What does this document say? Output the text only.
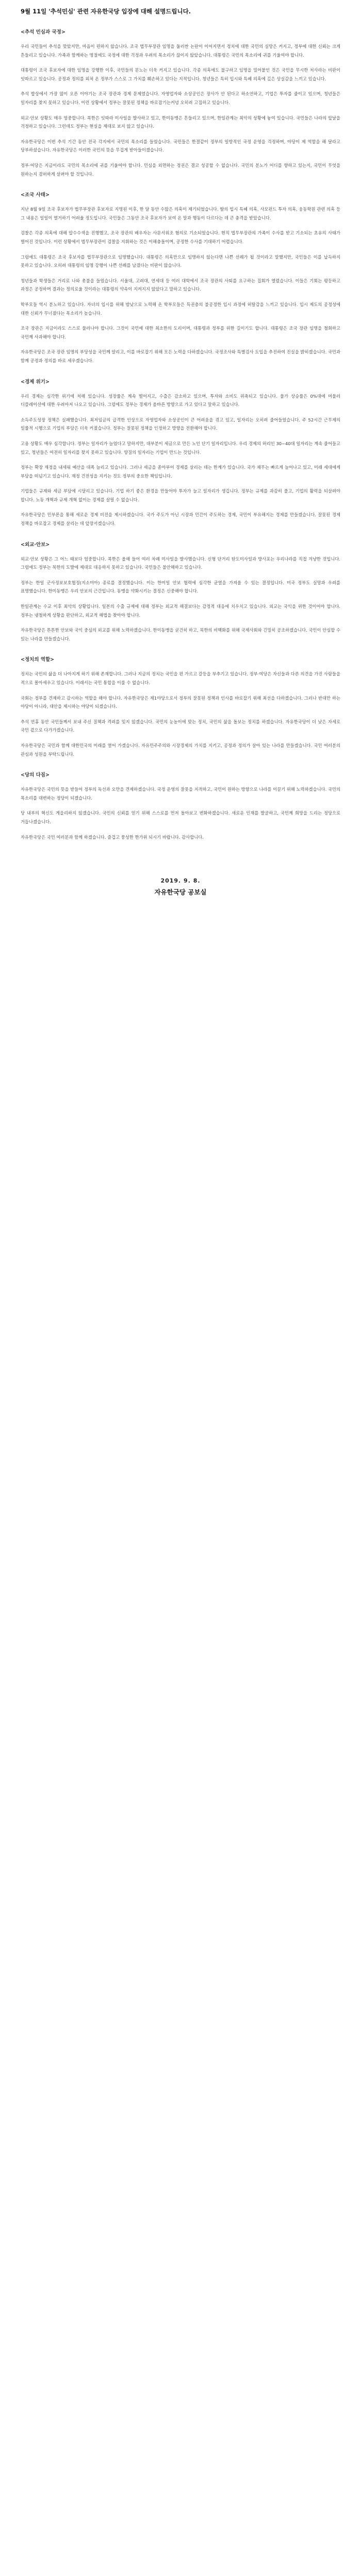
9월 11일 '추석민심' 관련 자유한국당 입장에 대해 설명드립니다.
<추석 민심과 국정>

우리 국민들이 추석을 맞았지만, 마음이 편하지 않습니다. 조국 법무부장관 임명을 둘러싼 논란이 이어지면서 정치에 대한 국민의 실망은 커지고, 정부에 대한 신뢰는 크게 흔들리고 있습니다. 가족과 함께하는 명절에도 국정에 대한 걱정과 우려의 목소리가 끊이지 않았습니다. 대통령은 국민의 목소리에 귀를 기울여야 합니다.

대통령이 조국 후보자에 대한 임명을 강행한 이후, 국민들의 분노는 더욱 커지고 있습니다. 각종 의혹에도 불구하고 임명을 밀어붙인 것은 국민을 무시한 처사라는 비판이 잇따르고 있습니다. 공정과 정의를 외쳐 온 정부가 스스로 그 가치를 훼손하고 있다는 지적입니다. 청년들은 특히 입시와 특혜 의혹에 깊은 상실감을 느끼고 있습니다.

추석 밥상에서 가장 많이 오른 이야기는 조국 장관과 경제 문제였습니다. 자영업자와 소상공인은 장사가 안 된다고 하소연하고, 기업은 투자를 줄이고 있으며, 청년들은 일자리를 찾지 못하고 있습니다. 이런 상황에서 정부는 잘못된 정책을 바로잡기는커녕 오히려 고집하고 있습니다.

외교·안보 상황도 매우 엄중합니다. 북한은 잇따라 미사일을 발사하고 있고, 한미동맹은 흔들리고 있으며, 한일관계는 최악의 상황에 놓여 있습니다. 국민들은 나라의 앞날을 걱정하고 있습니다. 그런데도 정부는 현실을 제대로 보지 않고 있습니다.

자유한국당은 이번 추석 기간 동안 전국 각지에서 국민의 목소리를 들었습니다. 국민들은 한결같이 정부의 일방적인 국정 운영을 걱정하며, 야당이 제 역할을 해 달라고 당부하셨습니다. 자유한국당은 이러한 국민의 뜻을 무겁게 받아들이겠습니다.

정부·여당은 지금이라도 국민의 목소리에 귀를 기울여야 합니다. 민심을 외면하는 정권은 결코 성공할 수 없습니다. 국민의 분노가 어디를 향하고 있는지, 국민이 무엇을 원하는지 겸허하게 살펴야 할 것입니다.

<조국 사태>

지난 8월 9일 조국 후보자가 법무부장관 후보자로 지명된 이후, 한 달 동안 수많은 의혹이 제기되었습니다. 딸의 입시 특혜 의혹, 사모펀드 투자 의혹, 웅동학원 관련 의혹 등 그 내용은 일일이 열거하기 어려울 정도입니다. 국민들은 그동안 조국 후보자가 보여 온 말과 행동이 다르다는 데 큰 충격을 받았습니다.

검찰은 각종 의혹에 대해 압수수색을 진행했고, 조국 장관의 배우자는 사문서위조 혐의로 기소되었습니다. 현직 법무부장관의 가족이 수사를 받고 기소되는 초유의 사태가 벌어진 것입니다. 이런 상황에서 법무부장관이 검찰을 지휘하는 것은 이해충돌이며, 공정한 수사를 기대하기 어렵습니다.

그럼에도 대통령은 조국 후보자를 법무부장관으로 임명했습니다. 대통령은 의혹만으로 임명하지 않는다면 나쁜 선례가 될 것이라고 말했지만, 국민들은 이를 납득하지 못하고 있습니다. 오히려 대통령의 임명 강행이 나쁜 선례를 남겼다는 비판이 많습니다.

청년들과 학생들은 거리로 나와 촛불을 들었습니다. 서울대, 고려대, 연세대 등 여러 대학에서 조국 장관의 사퇴를 요구하는 집회가 열렸습니다. 이들은 기회는 평등하고 과정은 공정하며 결과는 정의로울 것이라는 대통령의 약속이 지켜지지 않았다고 말하고 있습니다.

학부모들 역시 분노하고 있습니다. 자녀의 입시를 위해 밤낮으로 노력해 온 학부모들은 특권층의 불공정한 입시 과정에 허탈감을 느끼고 있습니다. 입시 제도의 공정성에 대한 신뢰가 무너졌다는 목소리가 높습니다.

조국 장관은 지금이라도 스스로 물러나야 합니다. 그것이 국민에 대한 최소한의 도리이며, 대통령과 정부를 위한 길이기도 합니다. 대통령은 조국 장관 임명을 철회하고 국민께 사과해야 합니다.

자유한국당은 조국 장관 임명의 부당성을 국민께 알리고, 이를 바로잡기 위해 모든 노력을 다하겠습니다. 국정조사와 특별검사 도입을 추진하여 진실을 밝히겠습니다. 국민과 함께 공정과 정의를 바로 세우겠습니다.

<경제 위기>

우리 경제는 심각한 위기에 처해 있습니다. 성장률은 계속 떨어지고, 수출은 감소하고 있으며, 투자와 소비도 위축되고 있습니다. 물가 상승률은 0%대에 머물러 디플레이션에 대한 우려마저 나오고 있습니다. 그럼에도 정부는 경제가 올바른 방향으로 가고 있다고 말하고 있습니다.

소득주도성장 정책은 실패했습니다. 최저임금의 급격한 인상으로 자영업자와 소상공인이 큰 어려움을 겪고 있고, 일자리는 오히려 줄어들었습니다. 주 52시간 근무제의 일률적 시행으로 기업의 부담은 더욱 커졌습니다. 정부는 잘못된 정책을 인정하고 방향을 전환해야 합니다.

고용 상황도 매우 심각합니다. 정부는 일자리가 늘었다고 말하지만, 대부분이 세금으로 만든 노인 단기 일자리입니다. 우리 경제의 허리인 30~40대 일자리는 계속 줄어들고 있고, 청년들은 여전히 일자리를 찾지 못하고 있습니다. 양질의 일자리는 기업이 만드는 것입니다.

정부는 확장 재정을 내세워 예산을 대폭 늘리고 있습니다. 그러나 세금을 쏟아부어 경제를 살리는 데는 한계가 있습니다. 국가 채무는 빠르게 늘어나고 있고, 미래 세대에게 부담을 떠넘기고 있습니다. 재정 건전성을 지키는 것도 정부의 중요한 책임입니다.

기업들은 규제와 세금 부담에 시달리고 있습니다. 기업 하기 좋은 환경을 만들어야 투자가 늘고 일자리가 생깁니다. 정부는 규제를 과감히 풀고, 기업의 활력을 되살려야 합니다. 노동 개혁과 규제 개혁 없이는 경제를 살릴 수 없습니다.

자유한국당은 민부론을 통해 새로운 경제 비전을 제시하겠습니다. 국가 주도가 아닌 시장과 민간이 주도하는 경제, 국민이 부유해지는 경제를 만들겠습니다. 잘못된 경제 정책을 바로잡고 경제를 살리는 데 앞장서겠습니다.

<외교·안보>

외교·안보 상황은 그 어느 때보다 엄중합니다. 북한은 올해 들어 여러 차례 미사일을 발사했습니다. 신형 단거리 탄도미사일과 방사포는 우리나라를 직접 겨냥한 것입니다. 그럼에도 정부는 북한의 도발에 제대로 대응하지 못하고 있습니다. 국민들은 불안해하고 있습니다.

정부는 한일 군사정보보호협정(지소미아) 종료를 결정했습니다. 이는 한미일 안보 협력에 심각한 균열을 가져올 수 있는 결정입니다. 미국 정부도 실망과 우려를 표명했습니다. 한미동맹은 우리 안보의 근간입니다. 동맹을 약화시키는 결정은 신중해야 합니다.

한일관계는 수교 이후 최악의 상황입니다. 일본의 수출 규제에 대해 정부는 외교적 해결보다는 감정적 대응에 치우치고 있습니다. 외교는 국익을 위한 것이어야 합니다. 정부는 냉철하게 상황을 판단하고, 외교적 해법을 찾아야 합니다.

자유한국당은 튼튼한 안보와 국익 중심의 외교를 위해 노력하겠습니다. 한미동맹을 굳건히 하고, 북한의 비핵화를 위해 국제사회와 긴밀히 공조하겠습니다. 국민이 안심할 수 있는 나라를 만들겠습니다.

<정치의 역할>

정치는 국민의 삶을 더 나아지게 하기 위해 존재합니다. 그러나 지금의 정치는 국민을 편 가르고 갈등을 부추기고 있습니다. 정부·여당은 자신들과 다른 의견을 가진 사람들을 적으로 몰아세우고 있습니다. 이래서는 국민 통합을 이룰 수 없습니다.

국회는 정부를 견제하고 감시하는 역할을 해야 합니다. 자유한국당은 제1야당으로서 정부의 잘못된 정책과 인사를 바로잡기 위해 최선을 다하겠습니다. 그러나 반대만 하는 야당이 아니라, 대안을 제시하는 야당이 되겠습니다.

추석 연휴 동안 국민들께서 보내 주신 질책과 격려를 잊지 않겠습니다. 국민의 눈높이에 맞는 정치, 국민의 삶을 돌보는 정치를 하겠습니다. 자유한국당이 더 낮은 자세로 국민 곁으로 다가가겠습니다.

자유한국당은 국민과 함께 대한민국의 미래를 열어 가겠습니다. 자유민주주의와 시장경제의 가치를 지키고, 공정과 정의가 살아 있는 나라를 만들겠습니다. 국민 여러분의 관심과 성원을 부탁드립니다.

<당의 다짐>

자유한국당은 국민의 뜻을 받들어 정부의 독선과 오만을 견제하겠습니다. 국정 운영의 잘못을 지적하고, 국민이 원하는 방향으로 나라를 이끌기 위해 노력하겠습니다. 국민의 목소리를 대변하는 정당이 되겠습니다.

당 내부의 혁신도 게을리하지 않겠습니다. 국민의 신뢰를 얻기 위해 스스로를 먼저 돌아보고 변화하겠습니다. 새로운 인재를 발굴하고, 국민께 희망을 드리는 정당으로 거듭나겠습니다.

자유한국당은 국민 여러분과 함께 하겠습니다. 즐겁고 풍성한 한가위 되시기 바랍니다. 감사합니다.

2019. 9. 8.
자유한국당 공보실
